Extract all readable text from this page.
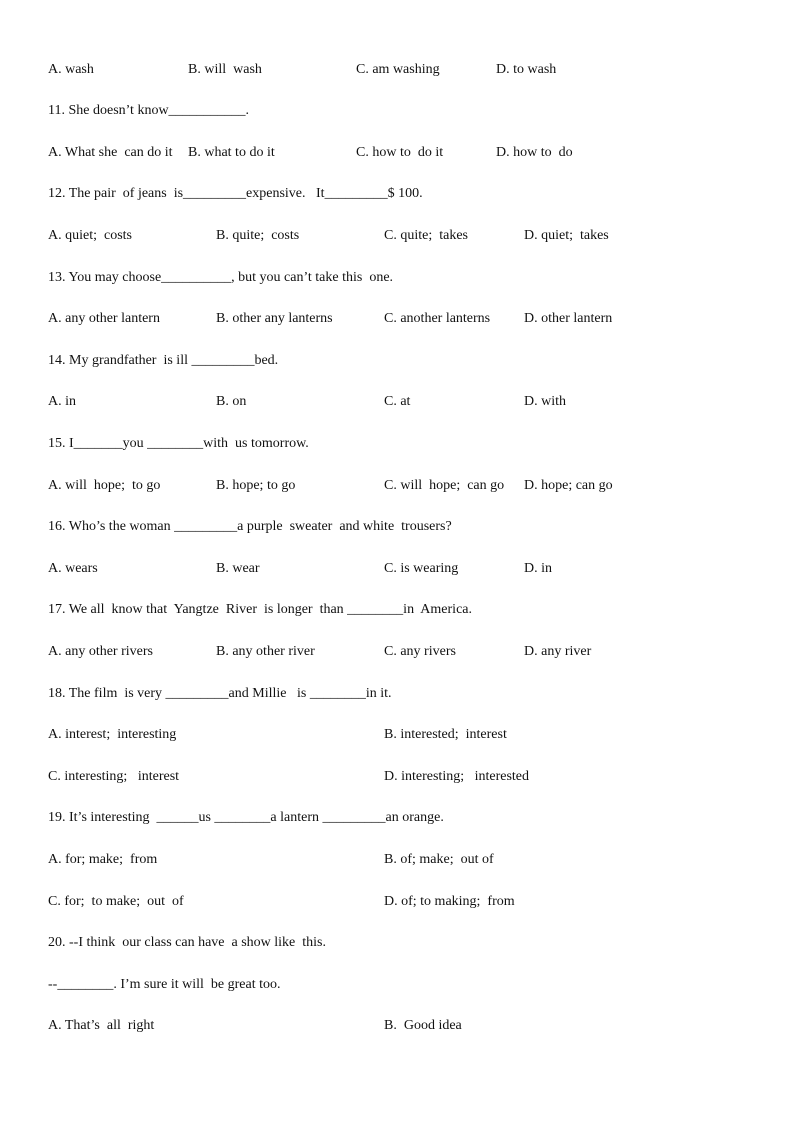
A. wash	B. will  wash	C. am washing	D. to wash
11. She doesn’t know___________.
A. What she  can do it B. what to do it	C. how to  do it	D. how to  do
12. The pair  of jeans  is_________expensive.   It_________$ 100.
A. quiet;  costs	B. quite;  costs	C. quite;  takes	D. quiet;  takes
13. You may choose__________, but you can’t take this  one.
A. any other lantern	B. other any lanterns	C. another lanterns D. other lantern
14. My grandfather  is ill _________bed.
A. in	B. on	C. at	D. with
15. I_______you ________with  us tomorrow.
A. will  hope;  to go	B. hope; to go	C. will  hope;  can go D. hope; can go
16. Who’s the woman _________a purple  sweater  and white  trousers?
A. wears	B. wear	C. is wearing	D. in
17. We all  know that  Yangtze  River  is longer  than ________in  America.
A. any other rivers	B. any other river	C. any rivers	D. any river
18. The film  is very _________and Millie   is ________in it.
A. interest;  interesting	B. interested;  interest
C. interesting;   interest	D. interesting;   interested
19. It’s interesting  ______us ________a lantern _________an orange.
A. for; make;  from	B. of; make;  out of
C. for;  to make;  out  of	D. of; to making;  from
20. --I think  our class can have  a show like  this.
--________. I’m sure it will  be great too.
A. That’s  all  right	B.  Good idea
